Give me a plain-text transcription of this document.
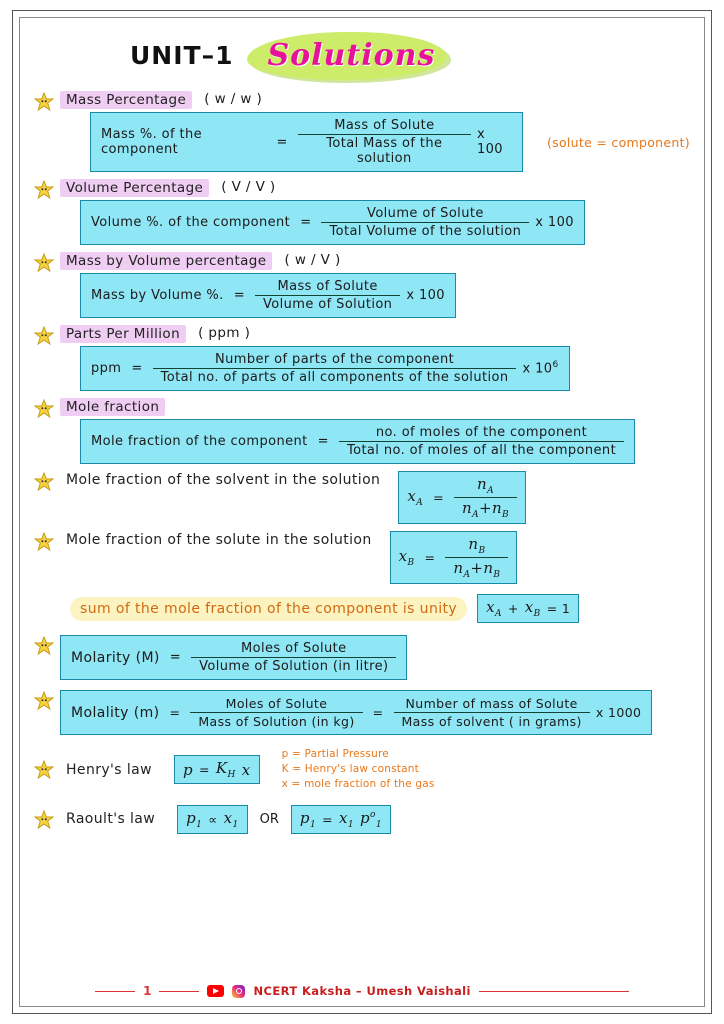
UNIT–1 Solutions
Mass Percentage	( w / w )
Mass %. of the component	= $\frac{\text{Mass of Solute}}{\text{Total Mass of the solution}}$ x 100	(solute = component)
Volume Percentage	( V / V )
Volume %. of the component = $\frac{\text{Volume of Solute}}{\text{Total Volume of the solution}}$ x 100
Mass by Volume percentage	( w / V )
Mass by Volume %. = $\frac{\text{Mass of Solute}}{\text{Volume of Solution}}$ x 100
Parts Per Million	( ppm )
ppm =
Number of parts of the component
Total no. of parts of all components of the solution
x $10^6$
Mole fraction
Mole fraction of the component = $\frac{\text{no. of moles of the component}}{\text{Total no. of moles of all the component}}$
Mole fraction of the solvent in the solution
$x_A = \frac{n_A}{n_A+n_B}$
Mole fraction of the solute in the solution
$x_B = \frac{n_B}{n_A+n_B}$
sum of the mole fraction of the component is unity	$x_A + x_B = 1$
Molarity $(M) = \frac{\text{Moles of Solute}}{\text{Volume of Solution (in litre)}}$
Molality $(m) = \frac{\text{Moles of Solute}}{\text{Mass of Solution (in kg)}} = \frac{\text{Number of mass of Solute}}{\text{Mass of solvent ( in grams)}}$ x 1000
Henry's law	$p = K_H$ x
p = Partial Pressure
K = Henry's law constant
x = mole fraction of the gas
Raoult's law	$p_1 \propto x_1$ OR $p_1 = x_1$ $p^o_1$
1	NCERT Kaksha – Umesh Vaishali
